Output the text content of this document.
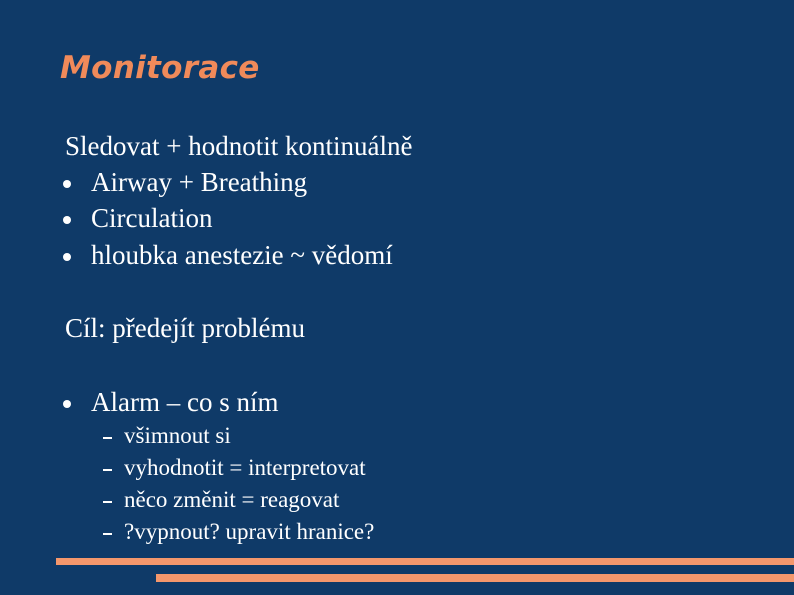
Monitorace
Sledovat + hodnotit kontinuálně
Airway + Breathing
Circulation
hloubka anestezie ~ vědomí
Cíl: předejít problému
Alarm – co s ním
všimnout si
vyhodnotit = interpretovat
něco změnit = reagovat
?vypnout? upravit hranice?
